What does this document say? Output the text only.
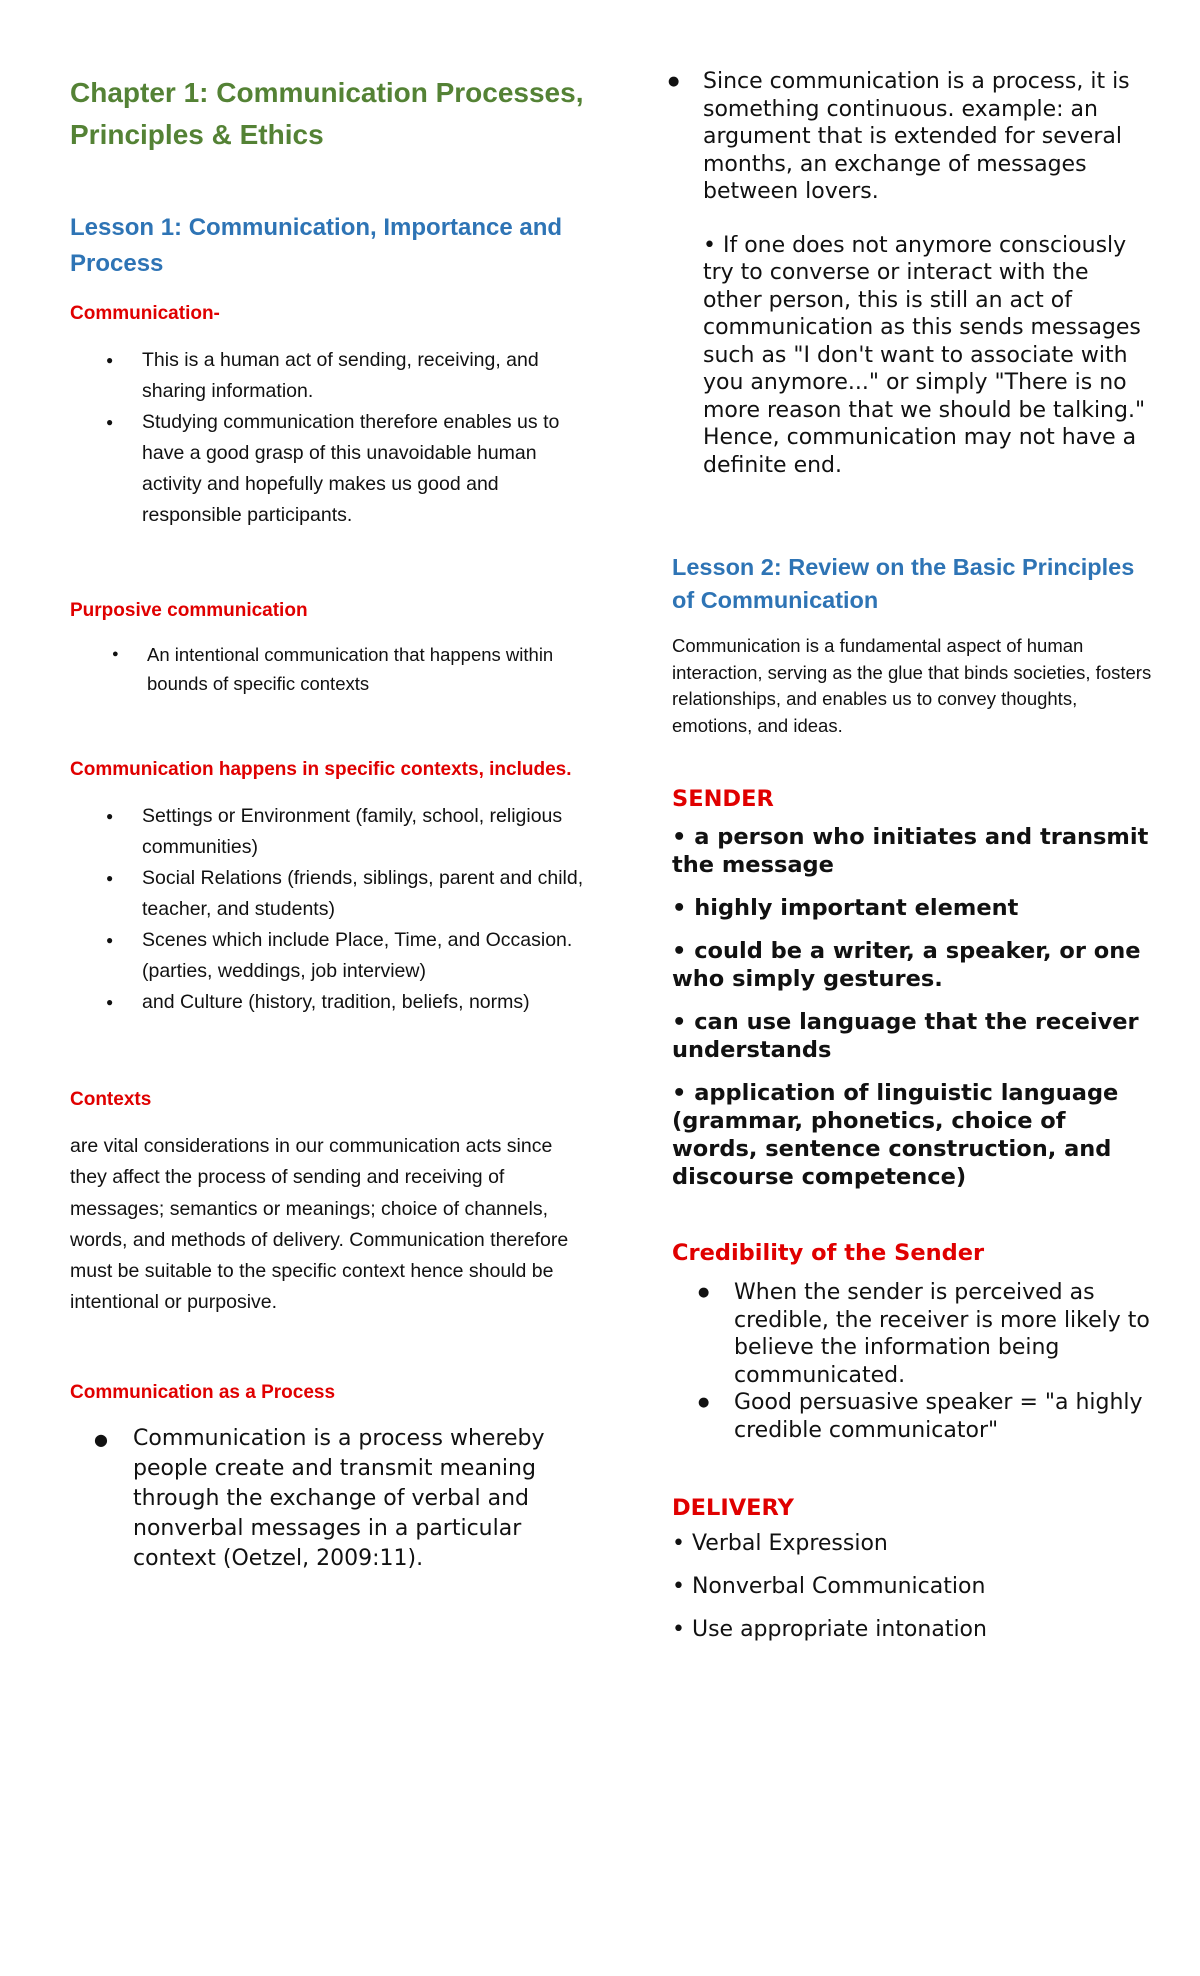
Chapter 1: Communication Processes, Principles & Ethics
Lesson 1: Communication, Importance and Process

Communication-

● This is a human act of sending, receiving, and sharing information.
● Studying communication therefore enables us to have a good grasp of this unavoidable human activity and hopefully makes us good and responsible participants.

Purposive communication

● An intentional communication that happens within bounds of specific contexts

Communication happens in specific contexts, includes.

● Settings or Environment (family, school, religious communities)
● Social Relations (friends, siblings, parent and child, teacher, and students)
● Scenes which include Place, Time, and Occasion. (parties, weddings, job interview)
● and Culture (history, tradition, beliefs, norms)

Contexts

are vital considerations in our communication acts since they affect the process of sending and receiving of messages; semantics or meanings; choice of channels, words, and methods of delivery. Communication therefore must be suitable to the specific context hence should be intentional or purposive.

Communication as a Process

● Communication is a process whereby people create and transmit meaning through the exchange of verbal and nonverbal messages in a particular context (Oetzel, 2009:11).
● Since communication is a process, it is something continuous. example: an argument that is extended for several months, an exchange of messages between lovers.

• If one does not anymore consciously try to converse or interact with the other person, this is still an act of communication as this sends messages such as "I don't want to associate with you anymore..." or simply "There is no more reason that we should be talking." Hence, communication may not have a definite end.

Lesson 2: Review on the Basic Principles of Communication

Communication is a fundamental aspect of human interaction, serving as the glue that binds societies, fosters relationships, and enables us to convey thoughts, emotions, and ideas.

SENDER

• a person who initiates and transmit the message

• highly important element

• could be a writer, a speaker, or one who simply gestures.

• can use language that the receiver understands

• application of linguistic language (grammar, phonetics, choice of words, sentence construction, and discourse competence)

Credibility of the Sender

● When the sender is perceived as credible, the receiver is more likely to believe the information being communicated.
● Good persuasive speaker = "a highly credible communicator"

DELIVERY

• Verbal Expression

• Nonverbal Communication

• Use appropriate intonation
